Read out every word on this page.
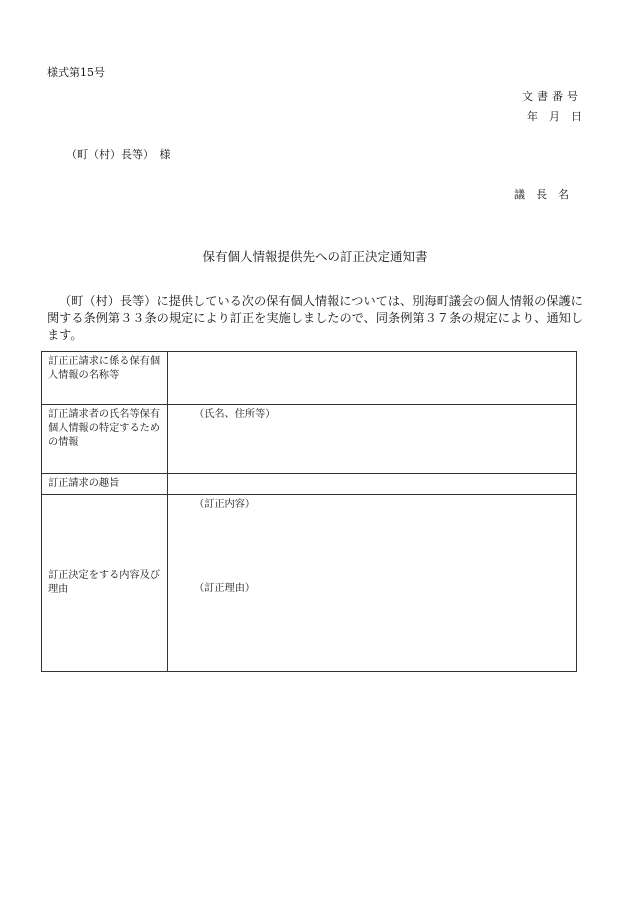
様式第15号
文書番号
年　月　日
（町（村）長等）　様
議　長　名
保有個人情報提供先への訂正決定通知書
（町（村）長等）に提供している次の保有個人情報については、別海町議会の個人情報の保護に関する条例第３３条の規定により訂正を実施しましたので、同条例第３７条の規定により、通知します。
訂正正請求に係る保有個人情報の名称等	
訂正請求者の氏名等保有個人情報の特定するための情報	（氏名、住所等）

訂正請求の趣旨	
訂正決定をする内容及び理由	（訂正内容）
（訂正理由）
